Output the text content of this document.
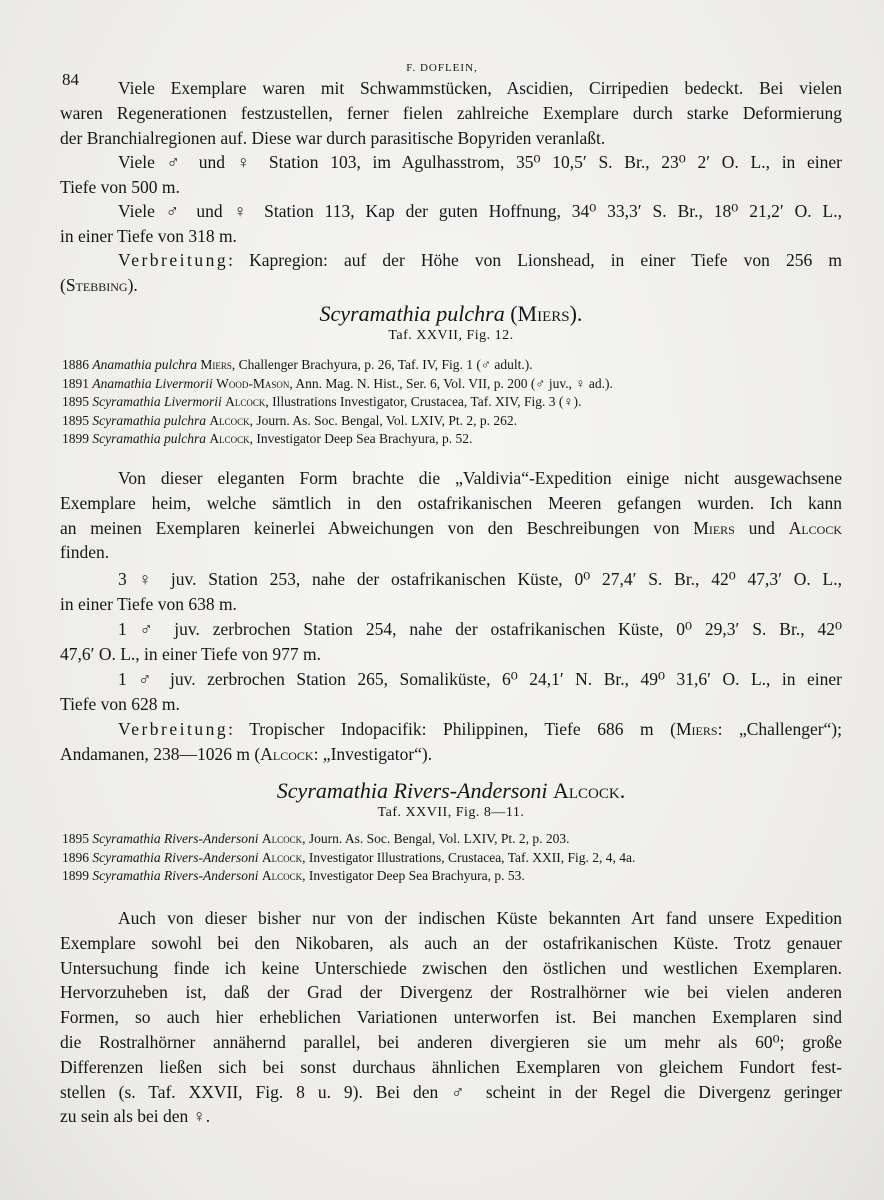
84
F. DOFLEIN,
Viele Exemplare waren mit Schwammstücken, Ascidien, Cirripedien bedeckt. Bei vielen
waren Regenerationen festzustellen, ferner fielen zahlreiche Exemplare durch starke Deformierung
der Branchialregionen auf. Diese war durch parasitische Bopyriden veranlaßt.
Viele ♂ und ♀ Station 103, im Agulhasstrom, 35⁰ 10,5′ S. Br., 23⁰ 2′ O. L., in einer
Tiefe von 500 m.
Viele ♂ und ♀ Station 113, Kap der guten Hoffnung, 34⁰ 33,3′ S. Br., 18⁰ 21,2′ O. L.,
in einer Tiefe von 318 m.
Verbreitung: Kapregion: auf der Höhe von Lionshead, in einer Tiefe von 256 m
(Stebbing).
Scyramathia pulchra (Miers).
Taf. XXVII, Fig. 12.
1886 Anamathia pulchra Miers, Challenger Brachyura, p. 26, Taf. IV, Fig. 1 (♂ adult.).
1891 Anamathia Livermorii Wood-Mason, Ann. Mag. N. Hist., Ser. 6, Vol. VII, p. 200 (♂ juv., ♀ ad.).
1895 Scyramathia Livermorii Alcock, Illustrations Investigator, Crustacea, Taf. XIV, Fig. 3 (♀).
1895 Scyramathia pulchra Alcock, Journ. As. Soc. Bengal, Vol. LXIV, Pt. 2, p. 262.
1899 Scyramathia pulchra Alcock, Investigator Deep Sea Brachyura, p. 52.
Von dieser eleganten Form brachte die „Valdivia“-Expedition einige nicht ausgewachsene
Exemplare heim, welche sämtlich in den ostafrikanischen Meeren gefangen wurden. Ich kann
an meinen Exemplaren keinerlei Abweichungen von den Beschreibungen von Miers und Alcock
finden.
3 ♀ juv. Station 253, nahe der ostafrikanischen Küste, 0⁰ 27,4′ S. Br., 42⁰ 47,3′ O. L.,
in einer Tiefe von 638 m.
1 ♂ juv. zerbrochen Station 254, nahe der ostafrikanischen Küste, 0⁰ 29,3′ S. Br., 42⁰
47,6′ O. L., in einer Tiefe von 977 m.
1 ♂ juv. zerbrochen Station 265, Somaliküste, 6⁰ 24,1′ N. Br., 49⁰ 31,6′ O. L., in einer
Tiefe von 628 m.
Verbreitung: Tropischer Indopacifik: Philippinen, Tiefe 686 m (Miers: „Challenger“);
Andamanen, 238—1026 m (Alcock: „Investigator“).
Scyramathia Rivers-Andersoni Alcock.
Taf. XXVII, Fig. 8—11.
1895 Scyramathia Rivers-Andersoni Alcock, Journ. As. Soc. Bengal, Vol. LXIV, Pt. 2, p. 203.
1896 Scyramathia Rivers-Andersoni Alcock, Investigator Illustrations, Crustacea, Taf. XXII, Fig. 2, 4, 4a.
1899 Scyramathia Rivers-Andersoni Alcock, Investigator Deep Sea Brachyura, p. 53.
Auch von dieser bisher nur von der indischen Küste bekannten Art fand unsere Expedition
Exemplare sowohl bei den Nikobaren, als auch an der ostafrikanischen Küste. Trotz genauer
Untersuchung finde ich keine Unterschiede zwischen den östlichen und westlichen Exemplaren.
Hervorzuheben ist, daß der Grad der Divergenz der Rostralhörner wie bei vielen anderen
Formen, so auch hier erheblichen Variationen unterworfen ist. Bei manchen Exemplaren sind
die Rostralhörner annähernd parallel, bei anderen divergieren sie um mehr als 60⁰; große
Differenzen ließen sich bei sonst durchaus ähnlichen Exemplaren von gleichem Fundort fest-
stellen (s. Taf. XXVII, Fig. 8 u. 9). Bei den ♂ scheint in der Regel die Divergenz geringer
zu sein als bei den ♀.
